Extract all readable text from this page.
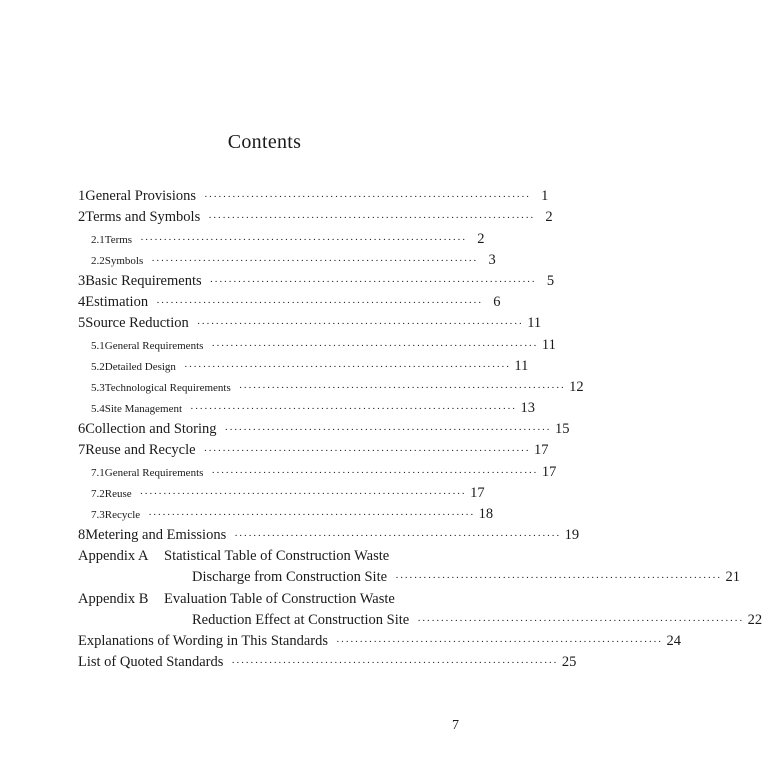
Contents
1 General Provisions ······································································ 1
2 Terms and Symbols ······································································ 2
2.1 Terms ······································································ 2
2.2 Symbols ······································································ 3
3 Basic Requirements ······································································ 5
4 Estimation ······································································ 6
5 Source Reduction ······································································ 11
5.1 General Requirements ······································································ 11
5.2 Detailed Design ······································································ 11
5.3 Technological Requirements ······································································ 12
5.4 Site Management ······································································ 13
6 Collection and Storing ······································································ 15
7 Reuse and Recycle ······································································ 17
7.1 General Requirements ······································································ 17
7.2 Reuse ······································································ 17
7.3 Recycle ······································································ 18
8 Metering and Emissions ······································································ 19
Appendix A Statistical Table of Construction Waste
Discharge from Construction Site ······································································ 21
Appendix B Evaluation Table of Construction Waste
Reduction Effect at Construction Site ······································································ 22
Explanations of Wording in This Standards ······································································ 24
List of Quoted Standards ······································································ 25
7
